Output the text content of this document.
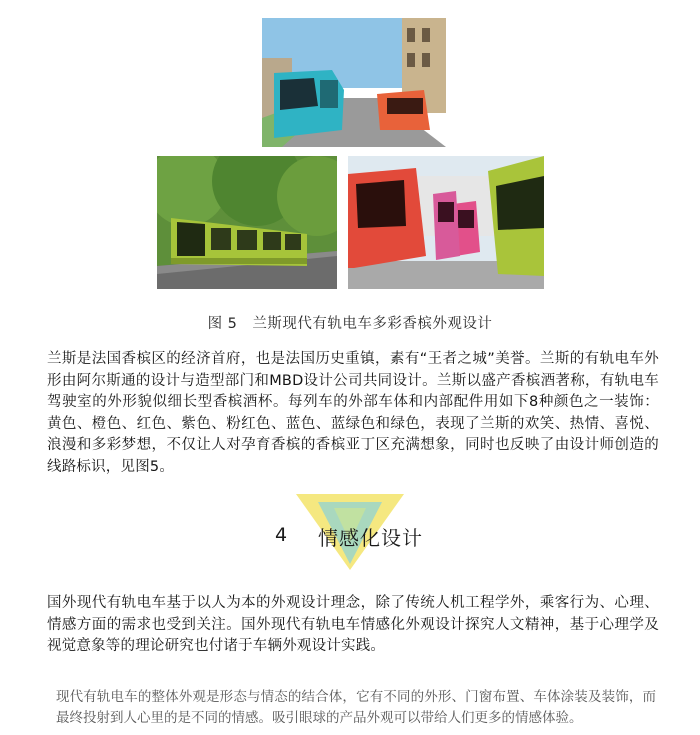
图 5　兰斯现代有轨电车多彩香槟外观设计

兰斯是法国香槟区的经济首府，也是法国历史重镇，素有“王者之城”美誉。兰斯的有轨电车外形由阿尔斯通的设计与造型部门和MBD设计公司共同设计。兰斯以盛产香槟酒著称，有轨电车驾驶室的外形貌似细长型香槟酒杯。每列车的外部车体和内部配件用如下8种颜色之一装饰：黄色、橙色、红色、紫色、粉红色、蓝色、蓝绿色和绿色，表现了兰斯的欢笑、热情、喜悦、浪漫和多彩梦想，不仅让人对孕育香槟的香槟亚丁区充满想象，同时也反映了由设计师创造的线路标识，见图5。

4 情感化设计

国外现代有轨电车基于以人为本的外观设计理念，除了传统人机工程学外，乘客行为、心理、情感方面的需求也受到关注。国外现代有轨电车情感化外观设计探究人文精神，基于心理学及视觉意象等的理论研究也付诸于车辆外观设计实践。

现代有轨电车的整体外观是形态与情态的结合体，它有不同的外形、门窗布置、车体涂装及装饰，而最终投射到人心里的是不同的情感。吸引眼球的产品外观可以带给人们更多的情感体验。
